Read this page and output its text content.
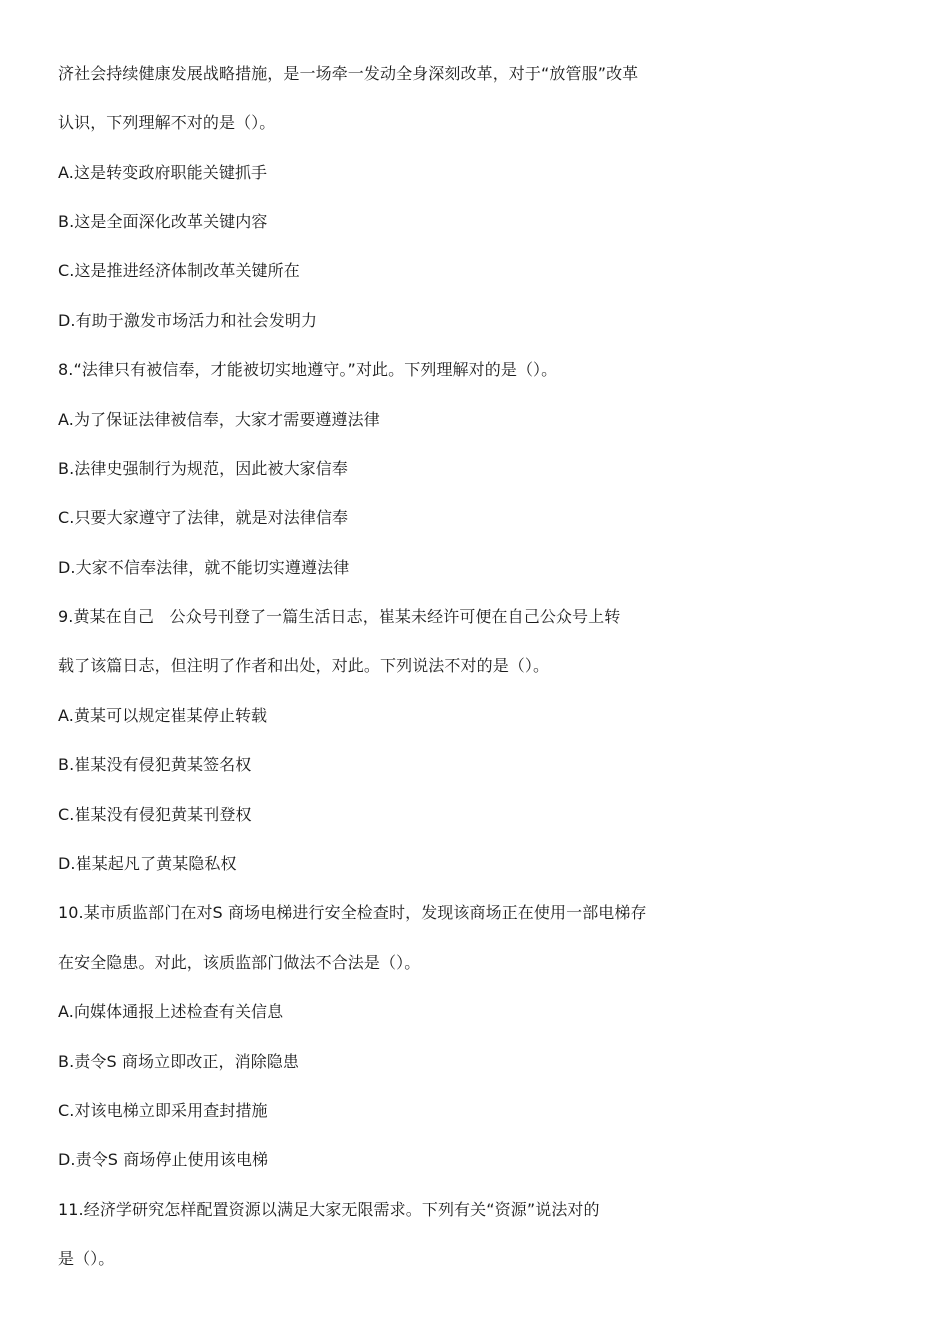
济社会持续健康发展战略措施，是一场牵一发动全身深刻改革，对于“放管服”改革
认识，下列理解不对的是（）。
A.这是转变政府职能关键抓手
B.这是全面深化改革关键内容
C.这是推进经济体制改革关键所在
D.有助于激发市场活力和社会发明力
8.“法律只有被信奉，才能被切实地遵守。”对此。下列理解对的是（）。
A.为了保证法律被信奉，大家才需要遵遵法律
B.法律史强制行为规范，因此被大家信奉
C.只要大家遵守了法律，就是对法律信奉
D.大家不信奉法律，就不能切实遵遵法律
9.黄某在自己   公众号刊登了一篇生活日志，崔某未经许可便在自己公众号上转
载了该篇日志，但注明了作者和出处，对此。下列说法不对的是（）。
A.黄某可以规定崔某停止转载
B.崔某没有侵犯黄某签名权
C.崔某没有侵犯黄某刊登权
D.崔某起凡了黄某隐私权
10.某市质监部门在对S 商场电梯进行安全检查时，发现该商场正在使用一部电梯存
在安全隐患。对此，该质监部门做法不合法是（）。
A.向媒体通报上述检查有关信息
B.责令S 商场立即改正，消除隐患
C.对该电梯立即采用查封措施
D.责令S 商场停止使用该电梯
11.经济学研究怎样配置资源以满足大家无限需求。下列有关“资源”说法对的
是（）。
